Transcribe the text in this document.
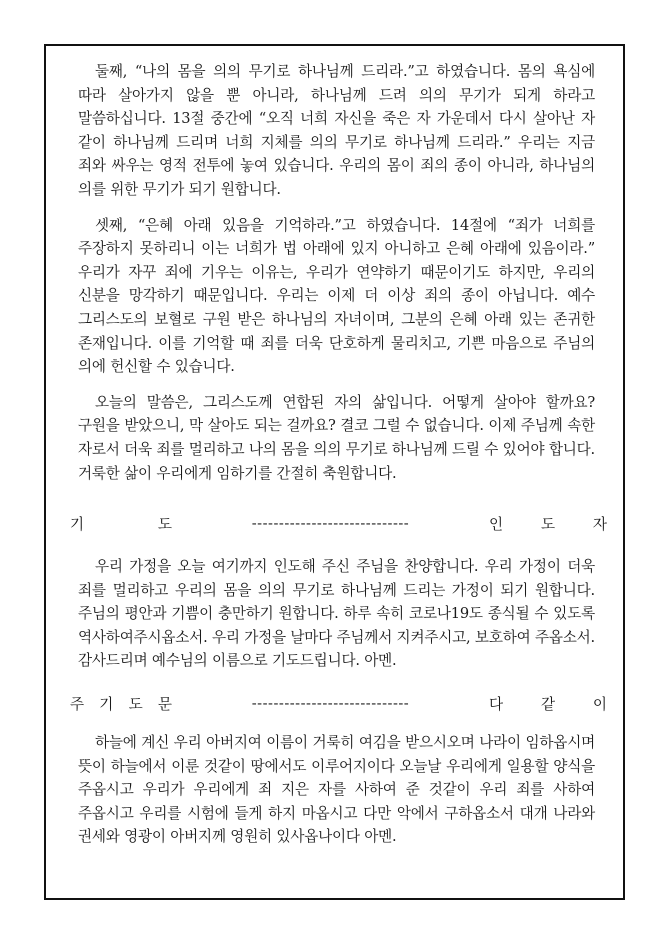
둘째, “나의 몸을 의의 무기로 하나님께 드리라.”고 하였습니다. 몸의 욕심에 따라 살아가지 않을 뿐 아니라, 하나님께 드려 의의 무기가 되게 하라고 말씀하십니다. 13절 중간에 “오직 너희 자신을 죽은 자 가운데서 다시 살아난 자 같이 하나님께 드리며 너희 지체를 의의 무기로 하나님께 드리라.” 우리는 지금 죄와 싸우는 영적 전투에 놓여 있습니다. 우리의 몸이 죄의 종이 아니라, 하나님의 의를 위한 무기가 되기 원합니다.

셋째, “은혜 아래 있음을 기억하라.”고 하였습니다. 14절에 “죄가 너희를 주장하지 못하리니 이는 너희가 법 아래에 있지 아니하고 은혜 아래에 있음이라.” 우리가 자꾸 죄에 기우는 이유는, 우리가 연약하기 때문이기도 하지만, 우리의 신분을 망각하기 때문입니다. 우리는 이제 더 이상 죄의 종이 아닙니다. 예수 그리스도의 보혈로 구원 받은 하나님의 자녀이며, 그분의 은혜 아래 있는 존귀한 존재입니다. 이를 기억할 때 죄를 더욱 단호하게 물리치고, 기쁜 마음으로 주님의 의에 헌신할 수 있습니다.

오늘의 말씀은, 그리스도께 연합된 자의 삶입니다. 어떻게 살아야 할까요? 구원을 받았으니, 막 살아도 되는 걸까요? 결코 그럴 수 없습니다. 이제 주님께 속한 자로서 더욱 죄를 멀리하고 나의 몸을 의의 무기로 하나님께 드릴 수 있어야 합니다. 거룩한 삶이 우리에게 임하기를 간절히 축원합니다.

기	도	-----------------------------	인	도	자

우리 가정을 오늘 여기까지 인도해 주신 주님을 찬양합니다. 우리 가정이 더욱 죄를 멀리하고 우리의 몸을 의의 무기로 하나님께 드리는 가정이 되기 원합니다. 주님의 평안과 기쁨이 충만하기 원합니다. 하루 속히 코로나19도 종식될 수 있도록 역사하여주시옵소서. 우리 가정을 날마다 주님께서 지켜주시고, 보호하여 주옵소서. 감사드리며 예수님의 이름으로 기도드립니다. 아멘.

주 기 도 문	-----------------------------	다	같	이

하늘에 계신 우리 아버지여 이름이 거룩히 여김을 받으시오며 나라이 임하옵시며 뜻이 하늘에서 이룬 것같이 땅에서도 이루어지이다 오늘날 우리에게 일용할 양식을 주옵시고 우리가 우리에게 죄 지은 자를 사하여 준 것같이 우리 죄를 사하여 주옵시고 우리를 시험에 들게 하지 마옵시고 다만 악에서 구하옵소서 대개 나라와 권세와 영광이 아버지께 영원히 있사옵나이다 아멘.
